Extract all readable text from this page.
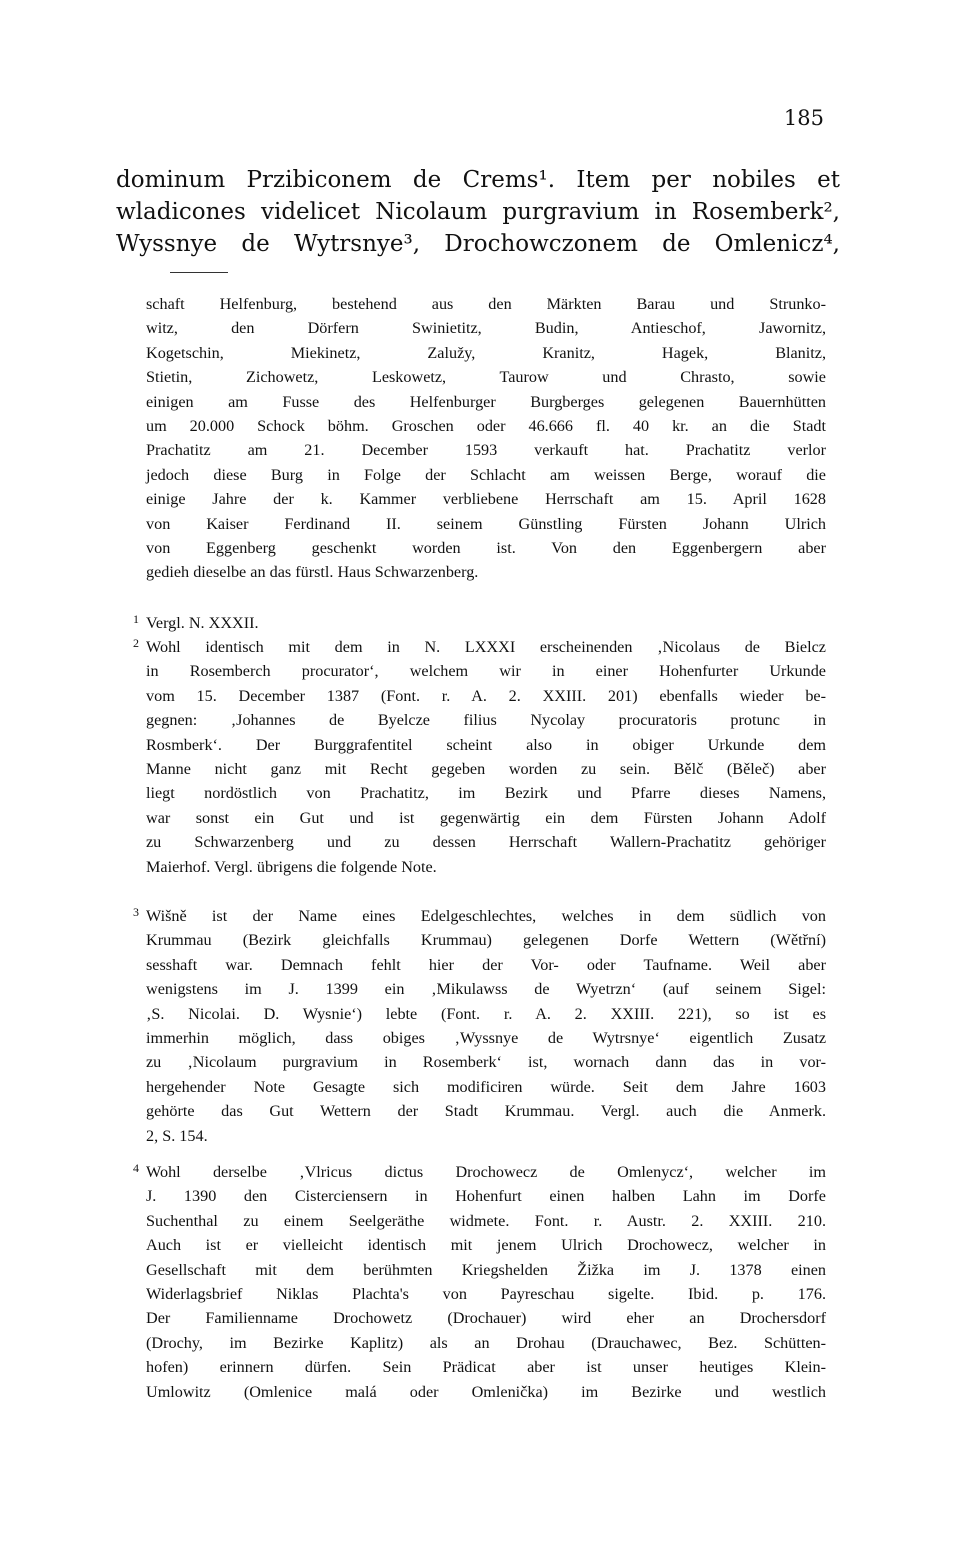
185
dominum Przibiconem de Crems¹. Item per nobiles et
wladicones videlicet Nicolaum purgravium in Rosemberk²,
Wyssnye de Wytrsnye³, Drochowczonem de Omlenicz⁴,
schaft Helfenburg, bestehend aus den Märkten Barau und Strunko-
witz, den Dörfern Swinietitz, Budin, Antieschof, Jawornitz,
Kogetschin, Miekinetz, Zalužy, Kranitz, Hagek, Blanitz,
Stietin, Zichowetz, Leskowetz, Taurow und Chrasto, sowie
einigen am Fusse des Helfenburger Burgberges gelegenen Bauernhütten
um 20.000 Schock böhm. Groschen oder 46.666 fl. 40 kr. an die Stadt
Prachatitz am 21. December 1593 verkauft hat. Prachatitz verlor
jedoch diese Burg in Folge der Schlacht am weissen Berge, worauf die
einige Jahre der k. Kammer verbliebene Herrschaft am 15. April 1628
von Kaiser Ferdinand II. seinem Günstling Fürsten Johann Ulrich
von Eggenberg geschenkt worden ist. Von den Eggenbergern aber
gedieh dieselbe an das fürstl. Haus Schwarzenberg.
1 Vergl. N. XXXII.
2 Wohl identisch mit dem in N. LXXXI erscheinenden ‚Nicolaus de Bielcz
in Rosemberch procurator‘, welchem wir in einer Hohenfurter Urkunde
vom 15. December 1387 (Font. r. A. 2. XXIII. 201) ebenfalls wieder be-
gegnen: ‚Johannes de Byelcze filius Nycolay procuratoris protunc in
Rosmberk‘. Der Burggrafentitel scheint also in obiger Urkunde dem
Manne nicht ganz mit Recht gegeben worden zu sein. Bělč (Běleč) aber
liegt nordöstlich von Prachatitz, im Bezirk und Pfarre dieses Namens,
war sonst ein Gut und ist gegenwärtig ein dem Fürsten Johann Adolf
zu Schwarzenberg und zu dessen Herrschaft Wallern-Prachatitz gehöriger
Maierhof. Vergl. übrigens die folgende Note.
3 Wišně ist der Name eines Edelgeschlechtes, welches in dem südlich von
Krummau (Bezirk gleichfalls Krummau) gelegenen Dorfe Wettern (Wětřní)
sesshaft war. Demnach fehlt hier der Vor- oder Taufname. Weil aber
wenigstens im J. 1399 ein ‚Mikulawss de Wyetrzn‘ (auf seinem Sigel:
‚S. Nicolai. D. Wysnie‘) lebte (Font. r. A. 2. XXIII. 221), so ist es
immerhin möglich, dass obiges ‚Wyssnye de Wytrsnye‘ eigentlich Zusatz
zu ‚Nicolaum purgravium in Rosemberk‘ ist, wornach dann das in vor-
hergehender Note Gesagte sich modificiren würde. Seit dem Jahre 1603
gehörte das Gut Wettern der Stadt Krummau. Vergl. auch die Anmerk.
2, S. 154.
4 Wohl derselbe ‚Vlricus dictus Drochowecz de Omlenycz‘, welcher im
J. 1390 den Cisterciensern in Hohenfurt einen halben Lahn im Dorfe
Suchenthal zu einem Seelgeräthe widmete. Font. r. Austr. 2. XXIII. 210.
Auch ist er vielleicht identisch mit jenem Ulrich Drochowecz, welcher in
Gesellschaft mit dem berühmten Kriegshelden Žižka im J. 1378 einen
Widerlagsbrief Niklas Plachta's von Payreschau sigelte. Ibid. p. 176.
Der Familienname Drochowetz (Drochauer) wird eher an Drochersdorf
(Drochy, im Bezirke Kaplitz) als an Drohau (Drauchawec, Bez. Schütten-
hofen) erinnern dürfen. Sein Prädicat aber ist unser heutiges Klein-
Umlowitz (Omlenice malá oder Omlenička) im Bezirke und westlich
